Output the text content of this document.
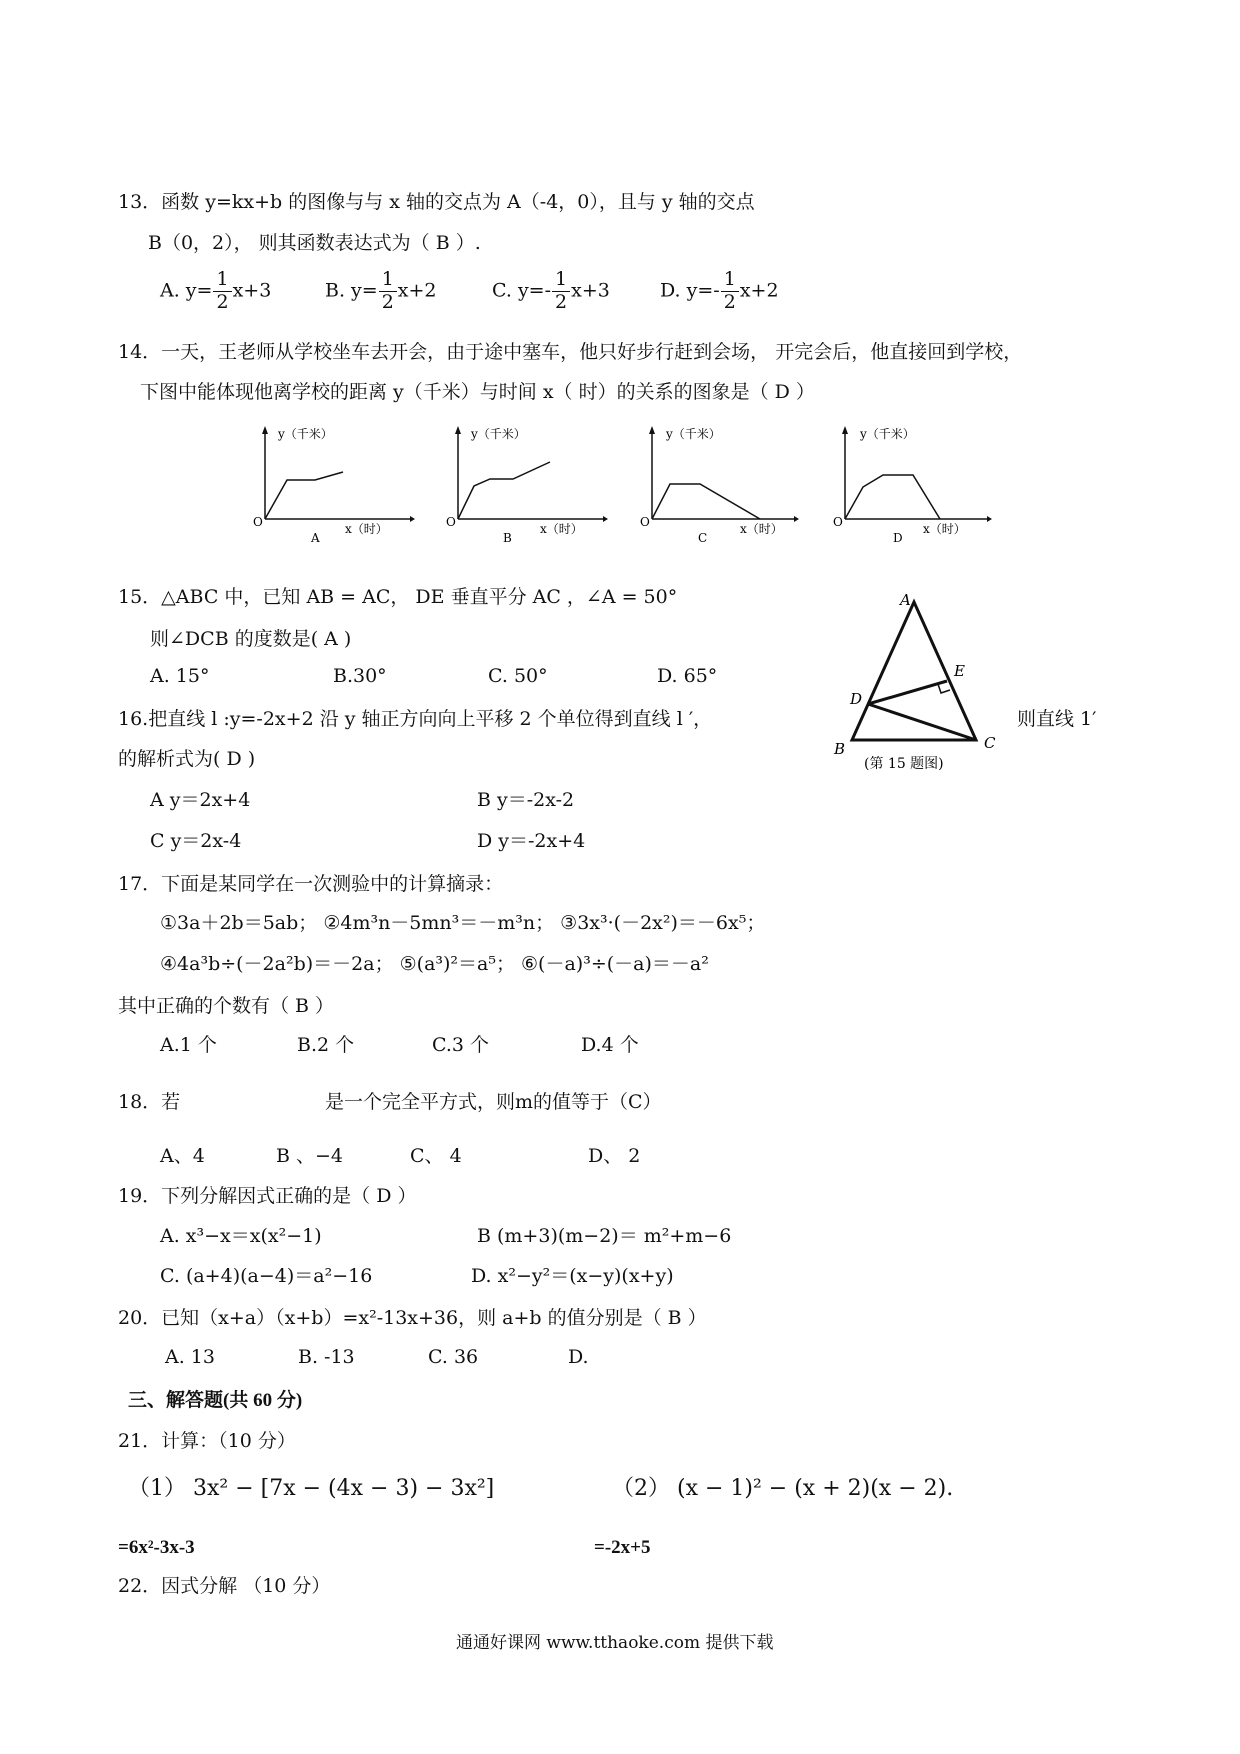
13．函数 y=kx+b 的图像与与 x 轴的交点为 A（-4，0），且与 y 轴的交点
B（0，2）， 则其函数表达式为（ B ）.
A. $y= \frac{1}{2} x+3$	B. $y= \frac{1}{2} x+2$	C. $y=- \frac{1}{2} x+3$	D. $y=- \frac{1}{2} x+2$
14．一天，王老师从学校坐车去开会，由于途中塞车，他只好步行赶到会场， 开完会后，他直接回到学校，
下图中能体现他离学校的距离 y（千米）与时间 x（ 时）的关系的图象是（ D ）
O
y（千米）
x（时）
A
O
y（千米）
x（时）
B
O
y（千米）
x（时）
C
O
y（千米）
x（时）
D
15．△ABC 中，已知 AB = AC， DE 垂直平分 AC ，∠A = 50°
则∠DCB 的度数是( A )
A. 15°	B.30°	C. 50°	D. 65°
A
B	C
D
E
(第 15 题图)
16.把直线 l :y=-2x+2 沿 y 轴正方向向上平移 2 个单位得到直线 l ′，	则直线 1′
的解析式为( D )
A y＝2x+4	B y＝-2x-2
C y＝2x-4	D y＝-2x+4
17．下面是某同学在一次测验中的计算摘录：
①3a＋2b＝5ab； ②4m³n－5mn³＝－m³n； ③3x³·(－2x²)＝－6x⁵；
④4a³b÷(－2a²b)＝－2a； ⑤(a³)²＝a⁵； ⑥(－a)³÷(－a)＝－a²
其中正确的个数有（ B ）
A.1 个	B.2 个	C.3 个	D.4 个
18．若	是一个完全平方式，则m的值等于（C）
A、4	B 、−4	C、 4	D、 2
19．下列分解因式正确的是（ D ）
A. x³−x＝x(x²−1)	B (m+3)(m−2)＝ m²+m−6
C. (a+4)(a−4)＝a²−16	D. x²−y²＝(x−y)(x+y)
20．已知（x+a）（x+b）=x²-13x+36，则 a+b 的值分别是（ B ）
A. 13	B. -13	C. 36	D.
三、解答题(共 60 分)
21．计算：（10 分）
（1） 3x² − [7x − (4x − 3) − 3x²]	（2） (x − 1)² − (x + 2)(x − 2).
=6x²-3x-3	=-2x+5
22．因式分解 （10 分）
通通好课网 www.tthaoke.com 提供下载
